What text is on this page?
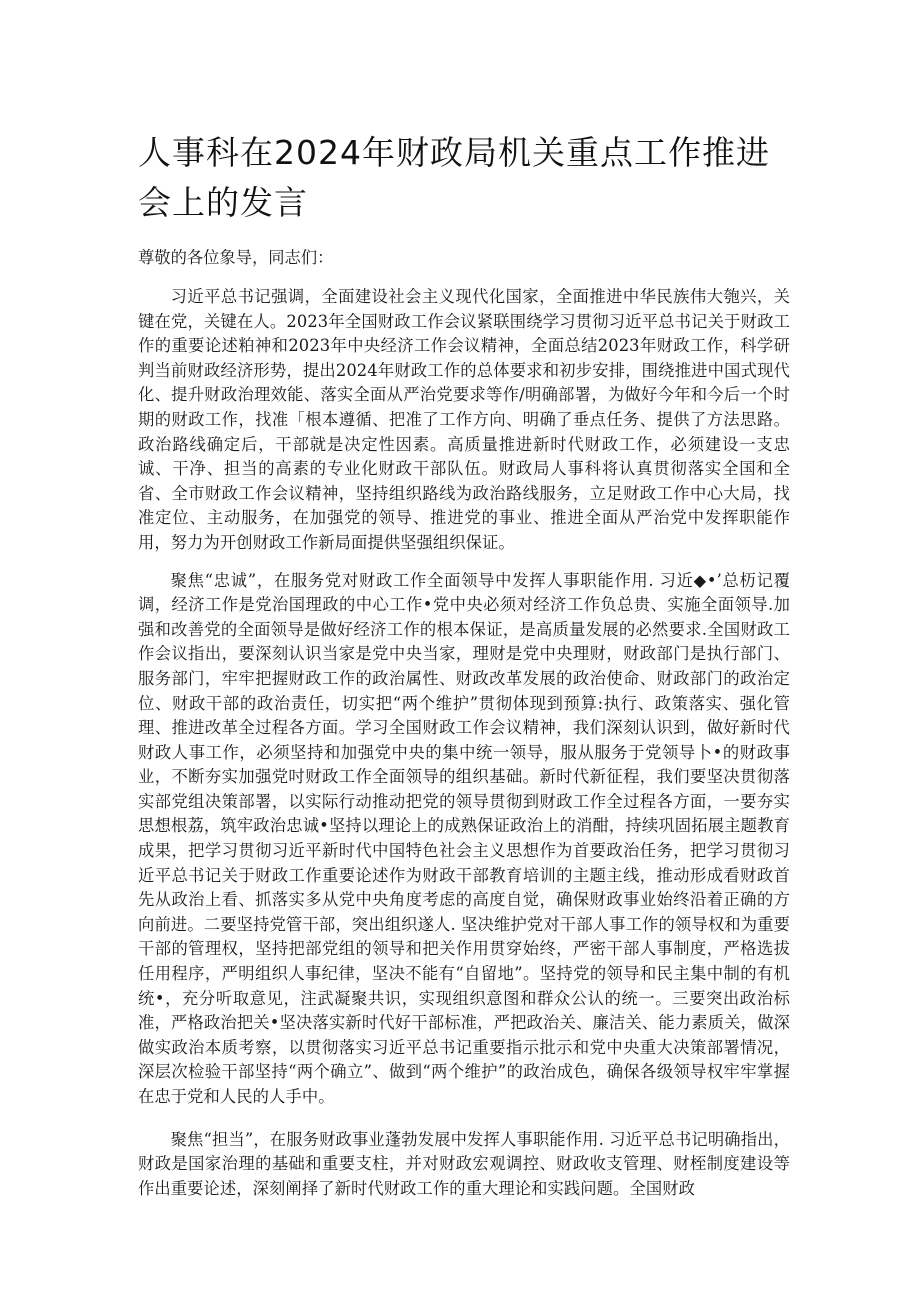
人事科在2024年财政局机关重点工作推进会上的发言

尊敬的各位象导，同志们：

习近平总书记强调，全面建设社会主义现代化国家，全面推进中华民族伟大匏兴，关键在党，关键在人。2023年全国财政工作会议紧联围绕学习贯彻习近平总书记关于财政工作的重要论述粕神和2023年中央经济工作会议精神，全面总结2023年财政工作，科学研判当前财政经济形势，提出2024年财政工作的总体要求和初步安排，围绕推进中国式现代化、提升财政治理效能、落实全面从严治党要求等作/明确部署，为做好今年和今后一个时期的财政工作，找准「根本遵循、把准了工作方向、明确了垂点任务、提供了方法思路。政治路线确定后，干部就是决定性因素。高质量推进新时代财政工作，必须建设一支忠诚、干净、担当的高素的专业化财政干部队伍。财政局人事科将认真贯彻落实全国和全省、全市财政工作会议精神，坚持组织路线为政治路线服务，立足财政工作中心大局，找准定位、主动服务，在加强党的领导、推进党的事业、推进全面从严治党中发挥职能作用，努力为开创财政工作新局面提供坚强组织保证。

聚焦“忠诚”，在服务党对财政工作全面领导中发挥人事职能作用. 习近◆•’总杤记覆调，经济工作是党治国理政的中心工作•党中央必须对经济工作负总贵、实施全面领导.加强和改善党的全面领导是做好经济工作的根本保证，是高质量发展的必然要求.全国财政工作会议指出，要深刻认识当家是党中央当家，理财是党中央理财，财政部门是执行部门、服务部门，牢牢把握财政工作的政治属性、财政改革发展的政治使命、财政部门的政治定位、财政干部的政治责任，切实把“两个维护”贯彻体现到预算:执行、政策落实、强化管理、推进改革全过程各方面。学习全国财政工作会议精神，我们深刻认识到，做好新时代财政人事工作，必须坚持和加强党中央的集中统一领导，服从服务于党领导卜•的财政事业，不断夯实加强党吋财政工作全面领导的组织基础。新时代新征程，我们要坚决贯彻落实部党组决策部署，以实际行动推动把党的领导贯彻到财政工作全过程各方面，一要夯实思想根荔，筑牢政治忠诚•坚持以理论上的成熟保证政治上的消酣，持续巩固拓展主题教育成果，把学习贯彻习近平新时代中国特色社会主义思想作为首要政治任务，把学习贯彻习近平总书记关于财政工作重要论述作为财政干部教育培训的主题主线，推动形成看财政首先从政治上看、抓落实多从党中央角度考虑的高度自觉，确保财政事业始终沿着正确的方向前进。二要坚持党管干部，突出组织遂人. 坚决维护党对干部人事工作的领导权和为重要干部的管理权，坚持把部党组的领导和把关作用贯穿始终，严密干部人事制度，严格选拔任用程序，严明组织人事纪律，坚决不能有“自留地”。坚持党的领导和民主集中制的有机统•，充分听取意见，注武凝聚共识，实现组织意图和群众公认的统一。三要突出政治标准，严格政治把关•坚决落实新时代好干部标准，严把政治关、廉洁关、能力素质关，做深做实政治本质考察，以贯彻落实习近平总书记重要指示批示和党中央重大决策部署情况，深层次检验干部坚持“两个确立”、做到“两个维护”的政治成色，确保各级领导权牢牢掌握在忠于党和人民的人手中。

聚焦“担当”，在服务财政事业蓬勃发展中发挥人事职能作用. 习近平总书记明确指出，财政是国家治理的基础和重要支柱，并对财政宏观调控、财政收支管理、财桎制度建设等作出重要论述，深刻阐择了新时代财政工作的重大理论和实践问题。全国财政
